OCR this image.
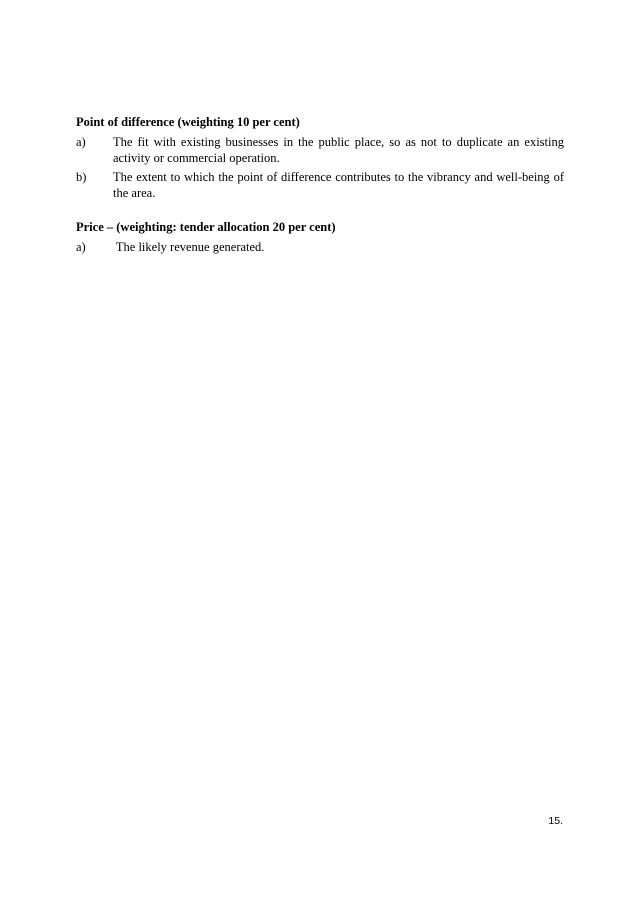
Point of difference (weighting 10 per cent)
a) The fit with existing businesses in the public place, so as not to duplicate an existing activity or commercial operation.
b) The extent to which the point of difference contributes to the vibrancy and well-being of the area.
Price – (weighting: tender allocation 20 per cent)
a) The likely revenue generated.
15.
